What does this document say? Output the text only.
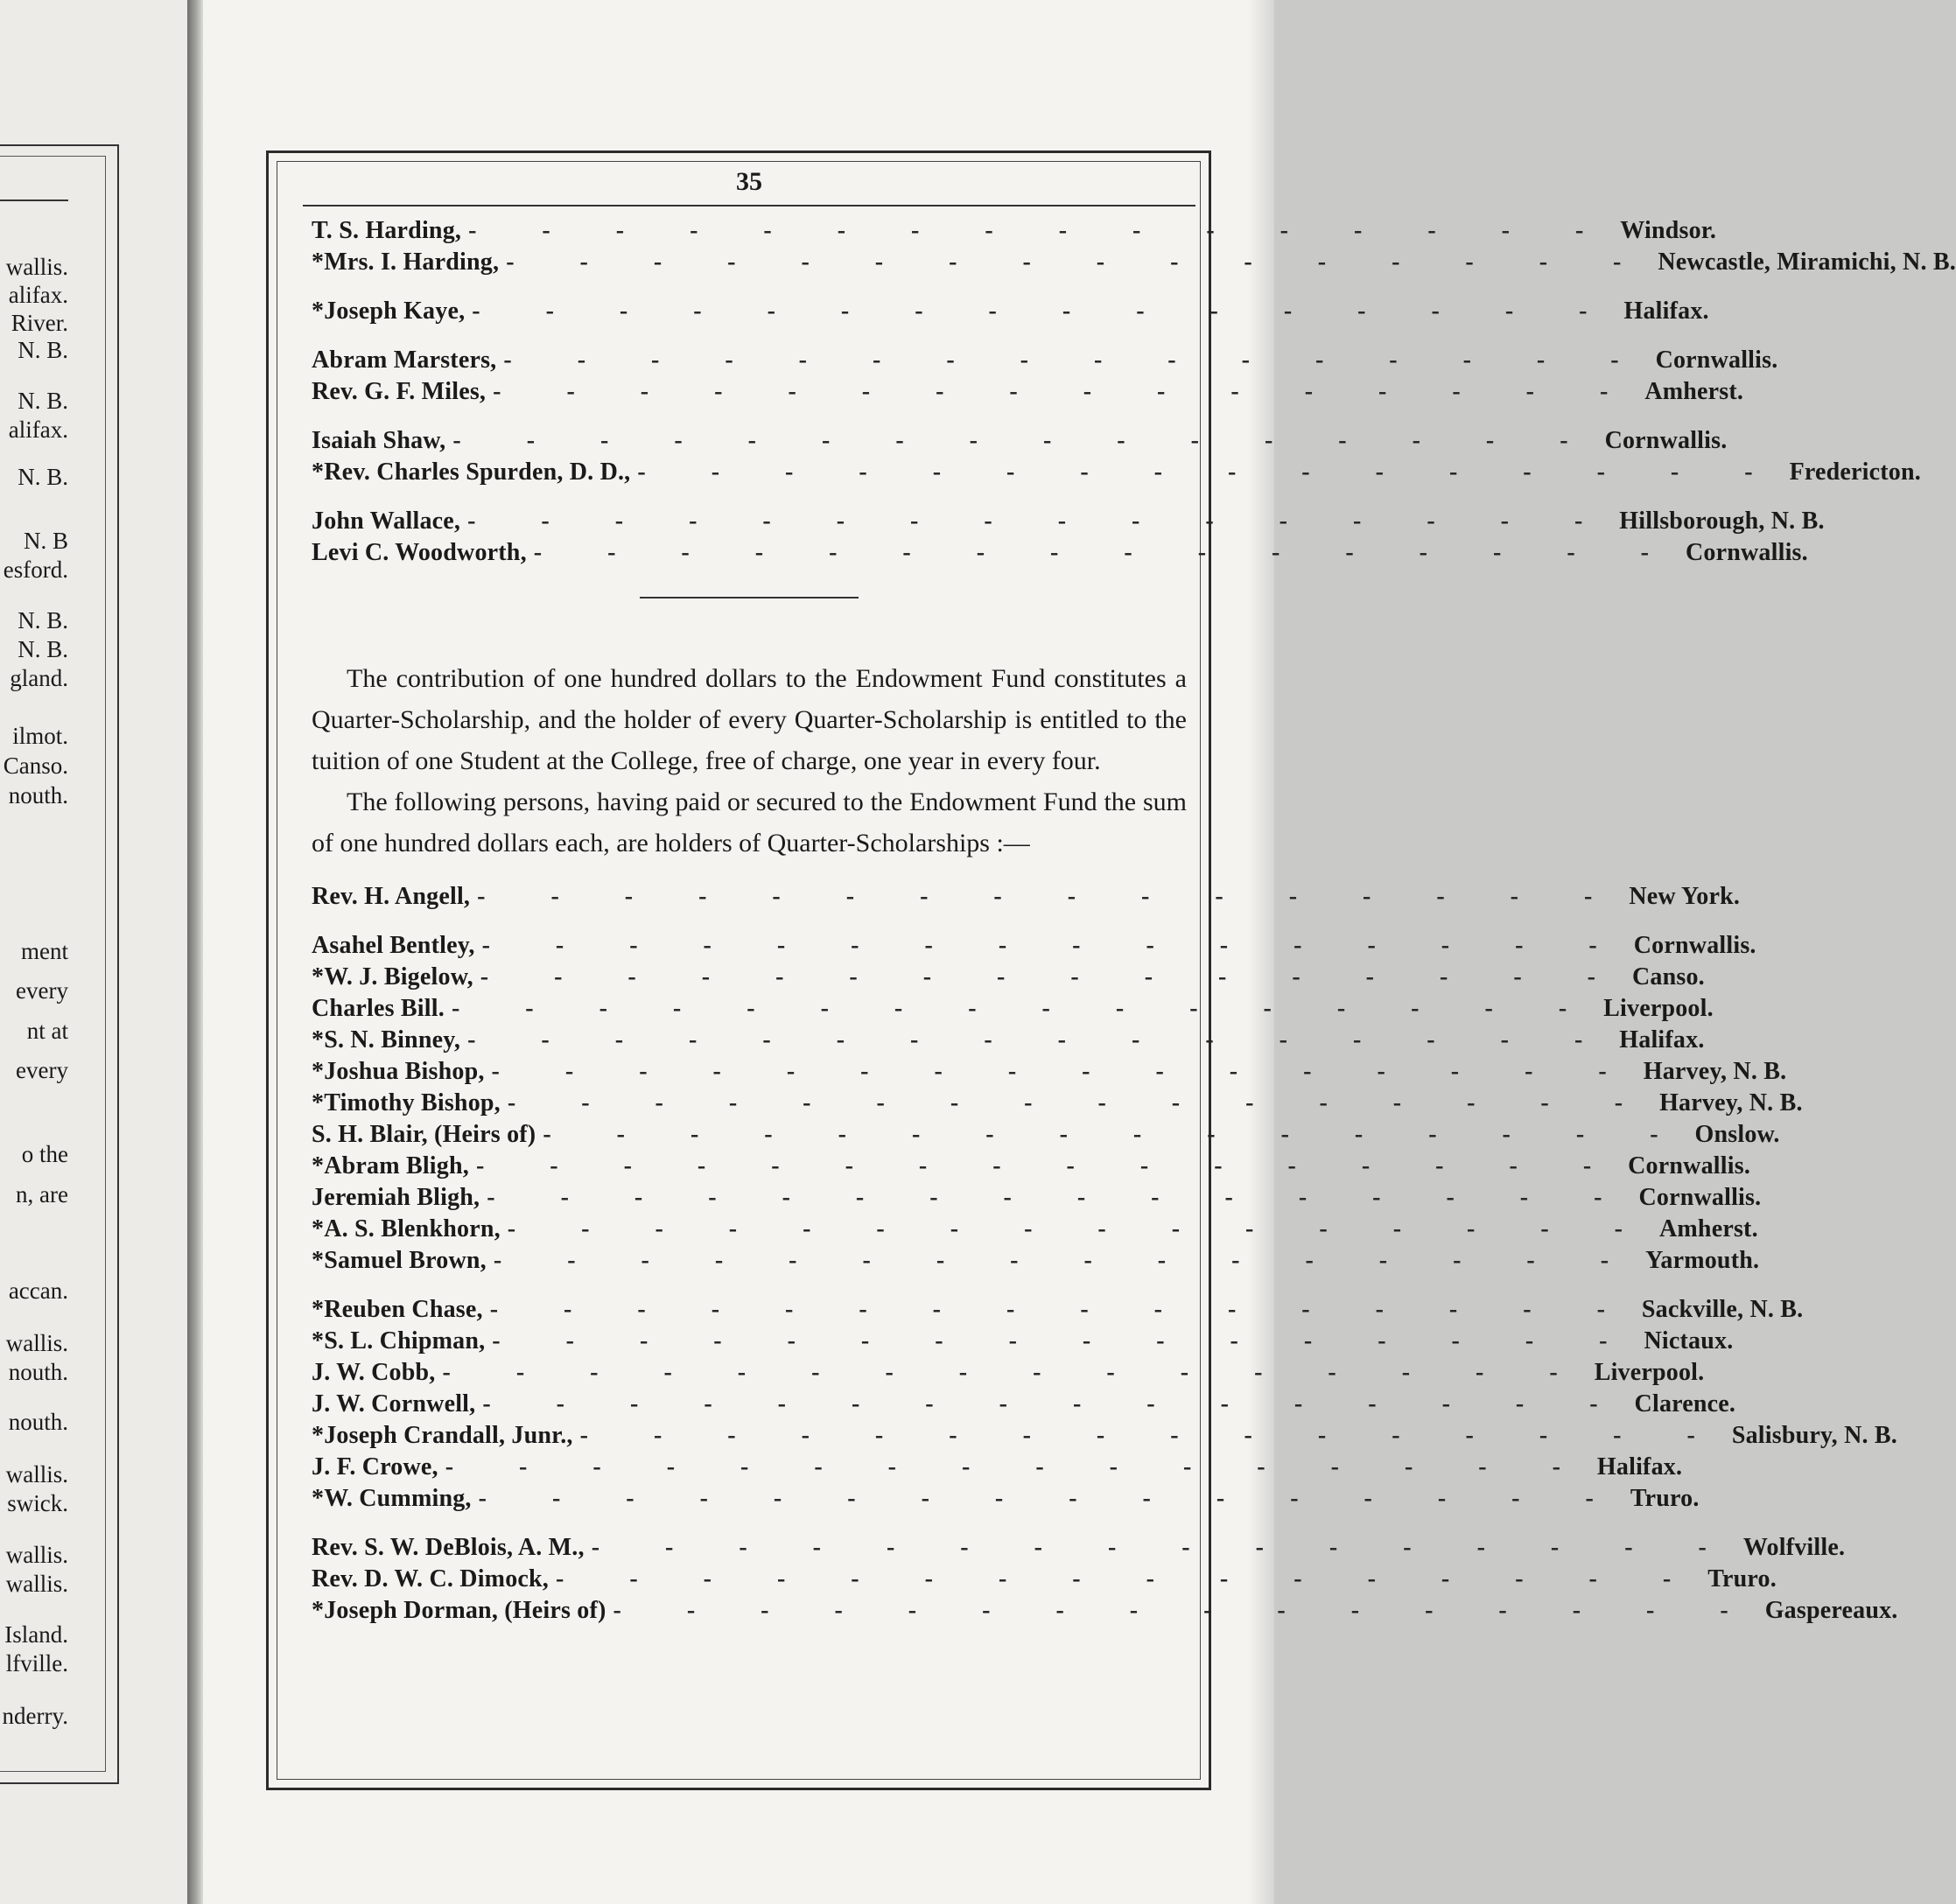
wallis.
alifax.
River.
N. B.
N. B.
alifax.
N. B.
N. B
esford.
N. B.
N. B.
gland.
ilmot.
Canso.
nouth.
ment
every
nt at
every
o the
n, are
accan.
wallis.
nouth.
nouth.
wallis.
swick.
wallis.
wallis.
Island.
lfville.
nderry.
35
T. S. Harding, - - - - - - - - - - - - - - - - Windsor.
*Mrs. I. Harding, - - - - - - - - - - - - - - - - Newcastle, Miramichi, N. B.
*Joseph Kaye, - - - - - - - - - - - - - - - - Halifax.
Abram Marsters, - - - - - - - - - - - - - - - - Cornwallis.
Rev. G. F. Miles, - - - - - - - - - - - - - - - - Amherst.
Isaiah Shaw, - - - - - - - - - - - - - - - - Cornwallis.
*Rev. Charles Spurden, D. D., - - - - - - - - - - - - - - - - Fredericton.
John Wallace, - - - - - - - - - - - - - - - - Hillsborough, N. B.
Levi C. Woodworth, - - - - - - - - - - - - - - - - Cornwallis.

The contribution of one hundred dollars to the Endowment Fund constitutes a Quarter-Scholarship, and the holder of every Quarter-Scholarship is entitled to the tuition of one Student at the College, free of charge, one year in every four.

The following persons, having paid or secured to the Endowment Fund the sum of one hundred dollars each, are holders of Quarter-Scholarships :—

Rev. H. Angell, - - - - - - - - - - - - - - - - New York.
Asahel Bentley, - - - - - - - - - - - - - - - - Cornwallis.
*W. J. Bigelow, - - - - - - - - - - - - - - - - Canso.
Charles Bill. - - - - - - - - - - - - - - - - Liverpool.
*S. N. Binney, - - - - - - - - - - - - - - - - Halifax.
*Joshua Bishop, - - - - - - - - - - - - - - - - Harvey, N. B.
*Timothy Bishop, - - - - - - - - - - - - - - - - Harvey, N. B.
S. H. Blair, (Heirs of) - - - - - - - - - - - - - - - - Onslow.
*Abram Bligh, - - - - - - - - - - - - - - - - Cornwallis.
Jeremiah Bligh, - - - - - - - - - - - - - - - - Cornwallis.
*A. S. Blenkhorn, - - - - - - - - - - - - - - - - Amherst.
*Samuel Brown, - - - - - - - - - - - - - - - - Yarmouth.
*Reuben Chase, - - - - - - - - - - - - - - - - Sackville, N. B.
*S. L. Chipman, - - - - - - - - - - - - - - - - Nictaux.
J. W. Cobb, - - - - - - - - - - - - - - - - Liverpool.
J. W. Cornwell, - - - - - - - - - - - - - - - - Clarence.
*Joseph Crandall, Junr., - - - - - - - - - - - - - - - - Salisbury, N. B.
J. F. Crowe, - - - - - - - - - - - - - - - - Halifax.
*W. Cumming, - - - - - - - - - - - - - - - - Truro.
Rev. S. W. DeBlois, A. M., - - - - - - - - - - - - - - - - Wolfville.
Rev. D. W. C. Dimock, - - - - - - - - - - - - - - - - Truro.
*Joseph Dorman, (Heirs of) - - - - - - - - - - - - - - - - Gaspereaux.
